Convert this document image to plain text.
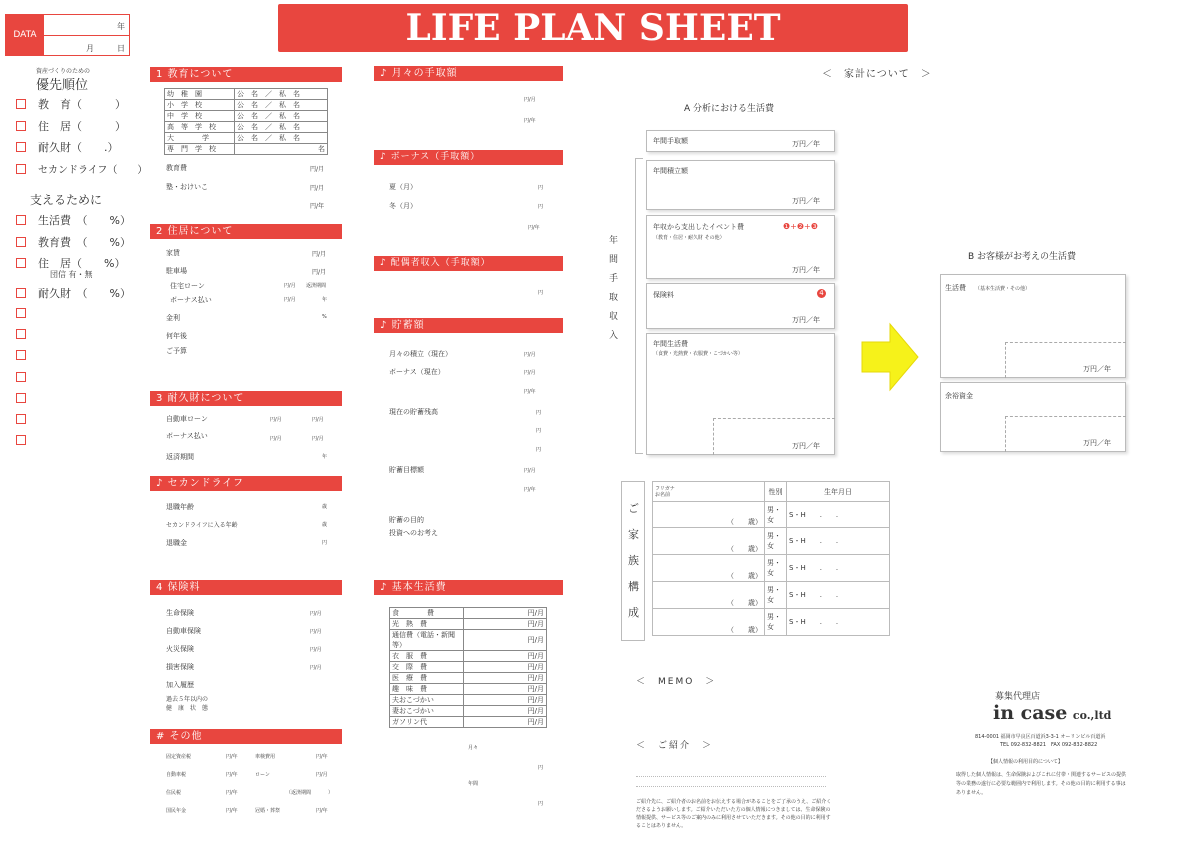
DATA
年
月	日	LIFE PLAN SHEET
資産づくりのための
優先順位
教　育（　　　）
住　居（　　　）
耐久財（　　.）
セカンドライフ（　　）
支えるために
生活費　（　　%）
教育費　（　　%）
住　居（　　%）
団信 有・無
耐久財　（　　%）
1 教育について
幼　稚　園	公　名　／　私　名
小　学　校	公　名　／　私　名
中　学　校	公　名　／　私　名
高　等　学　校	公　名　／　私　名
大　　　　学	公　名　／　私　名
専　門　学　校	名
教育費	円/月
塾・おけいこ	円/月
円/年
2 住居について
家賃	円/月
駐車場	円/月
住宅ローン	円/月 返済期間
ボーナス払い	円/月	年
金利	%
何年後
ご予算
3 耐久財について
自動車ローン	円/月	円/月
ボーナス払い	円/月	円/月
返済期間	年
♪ セカンドライフ
退職年齢	歳
セカンドライフに入る年齢	歳
退職金	円
4 保険料
生命保険	円/月
自動車保険	円/月
火災保険	円/月
損害保険	円/月
加入履歴
過去５年以内の
健　康　状　態
# その他
固定資産税	円/年	車検費用	円/年
自動車税	円/年	ローン	円/月
住民税	円/年	（返済期間	）
国民年金	円/年	冠婚・葬祭	円/年
♪ 月々の手取額
円/月
円/年
♪ ボーナス（手取額）
夏（月）	円
冬（月）	円
円/年
♪ 配偶者収入（手取額）
円
♪ 貯蓄額
月々の積立（現在）	円/月
ボーナス（現在）	円/月
円/年
現在の貯蓄残高	円
円
円
貯蓄目標額	円/月
円/年
貯蓄の目的
投資へのお考え
♪ 基本生活費
食　　　　費	円/月
光　熱　費	円/月
通信費（電話・新聞等）	円/月
衣　服　費	円/月
交　際　費	円/月
医　療　費	円/月
趣　味　費	円/月
夫おこづかい	円/月
妻おこづかい	円/月
ガソリン代	円/月
月々
円
年間
円
＜　家計について　＞
A 分析における生活費
年間手取額	万円／年
年間手取収入
年間積立額
万円／年
年収から支出したイベント費	❶+❷+❸
（教育・住居・耐久財 その他）
万円／年
保険料	4
万円／年
年間生活費
（食費・光熱費・衣服費・こづかい等）
万円／年
B お客様がお考えの生活費
生活費 （基本生活費・その他）
万円／年
余裕資金
万円／年
ご家族構成
フリガナ
お名前	性別	生年月日
（　　歳）	男・女	S・H　　.　　.
（　　歳）	男・女	S・H　　.　　.
（　　歳）	男・女	S・H　　.　　.
（　　歳）	男・女	S・H　　.　　.
（　　歳）	男・女	S・H　　.　　.
＜　MEMO　＞
＜　ご紹介　＞
ご紹介先に、ご紹介者のお名前をお伝えする場合があることをご了承のうえ、ご紹介くださるようお願いします。ご紹介いただいた方の個人情報につきましては、生命保険の情報提供、サービス等のご案内のみに利用させていただきます。その他の目的に利用することはありません。
募集代理店
in case co.,ltd
814-0001 福岡市早良区百道浜3-3-1 オーリンピル百道浜
TEL 092-832-8821　FAX 092-832-8822
【個人情報の利用目的について】
取得した個人情報は、生命保険およびこれに付帯・関連するサービスの提供等の業務の遂行に必要な範囲内で利用します。その他の目的に利用する事はありません。
